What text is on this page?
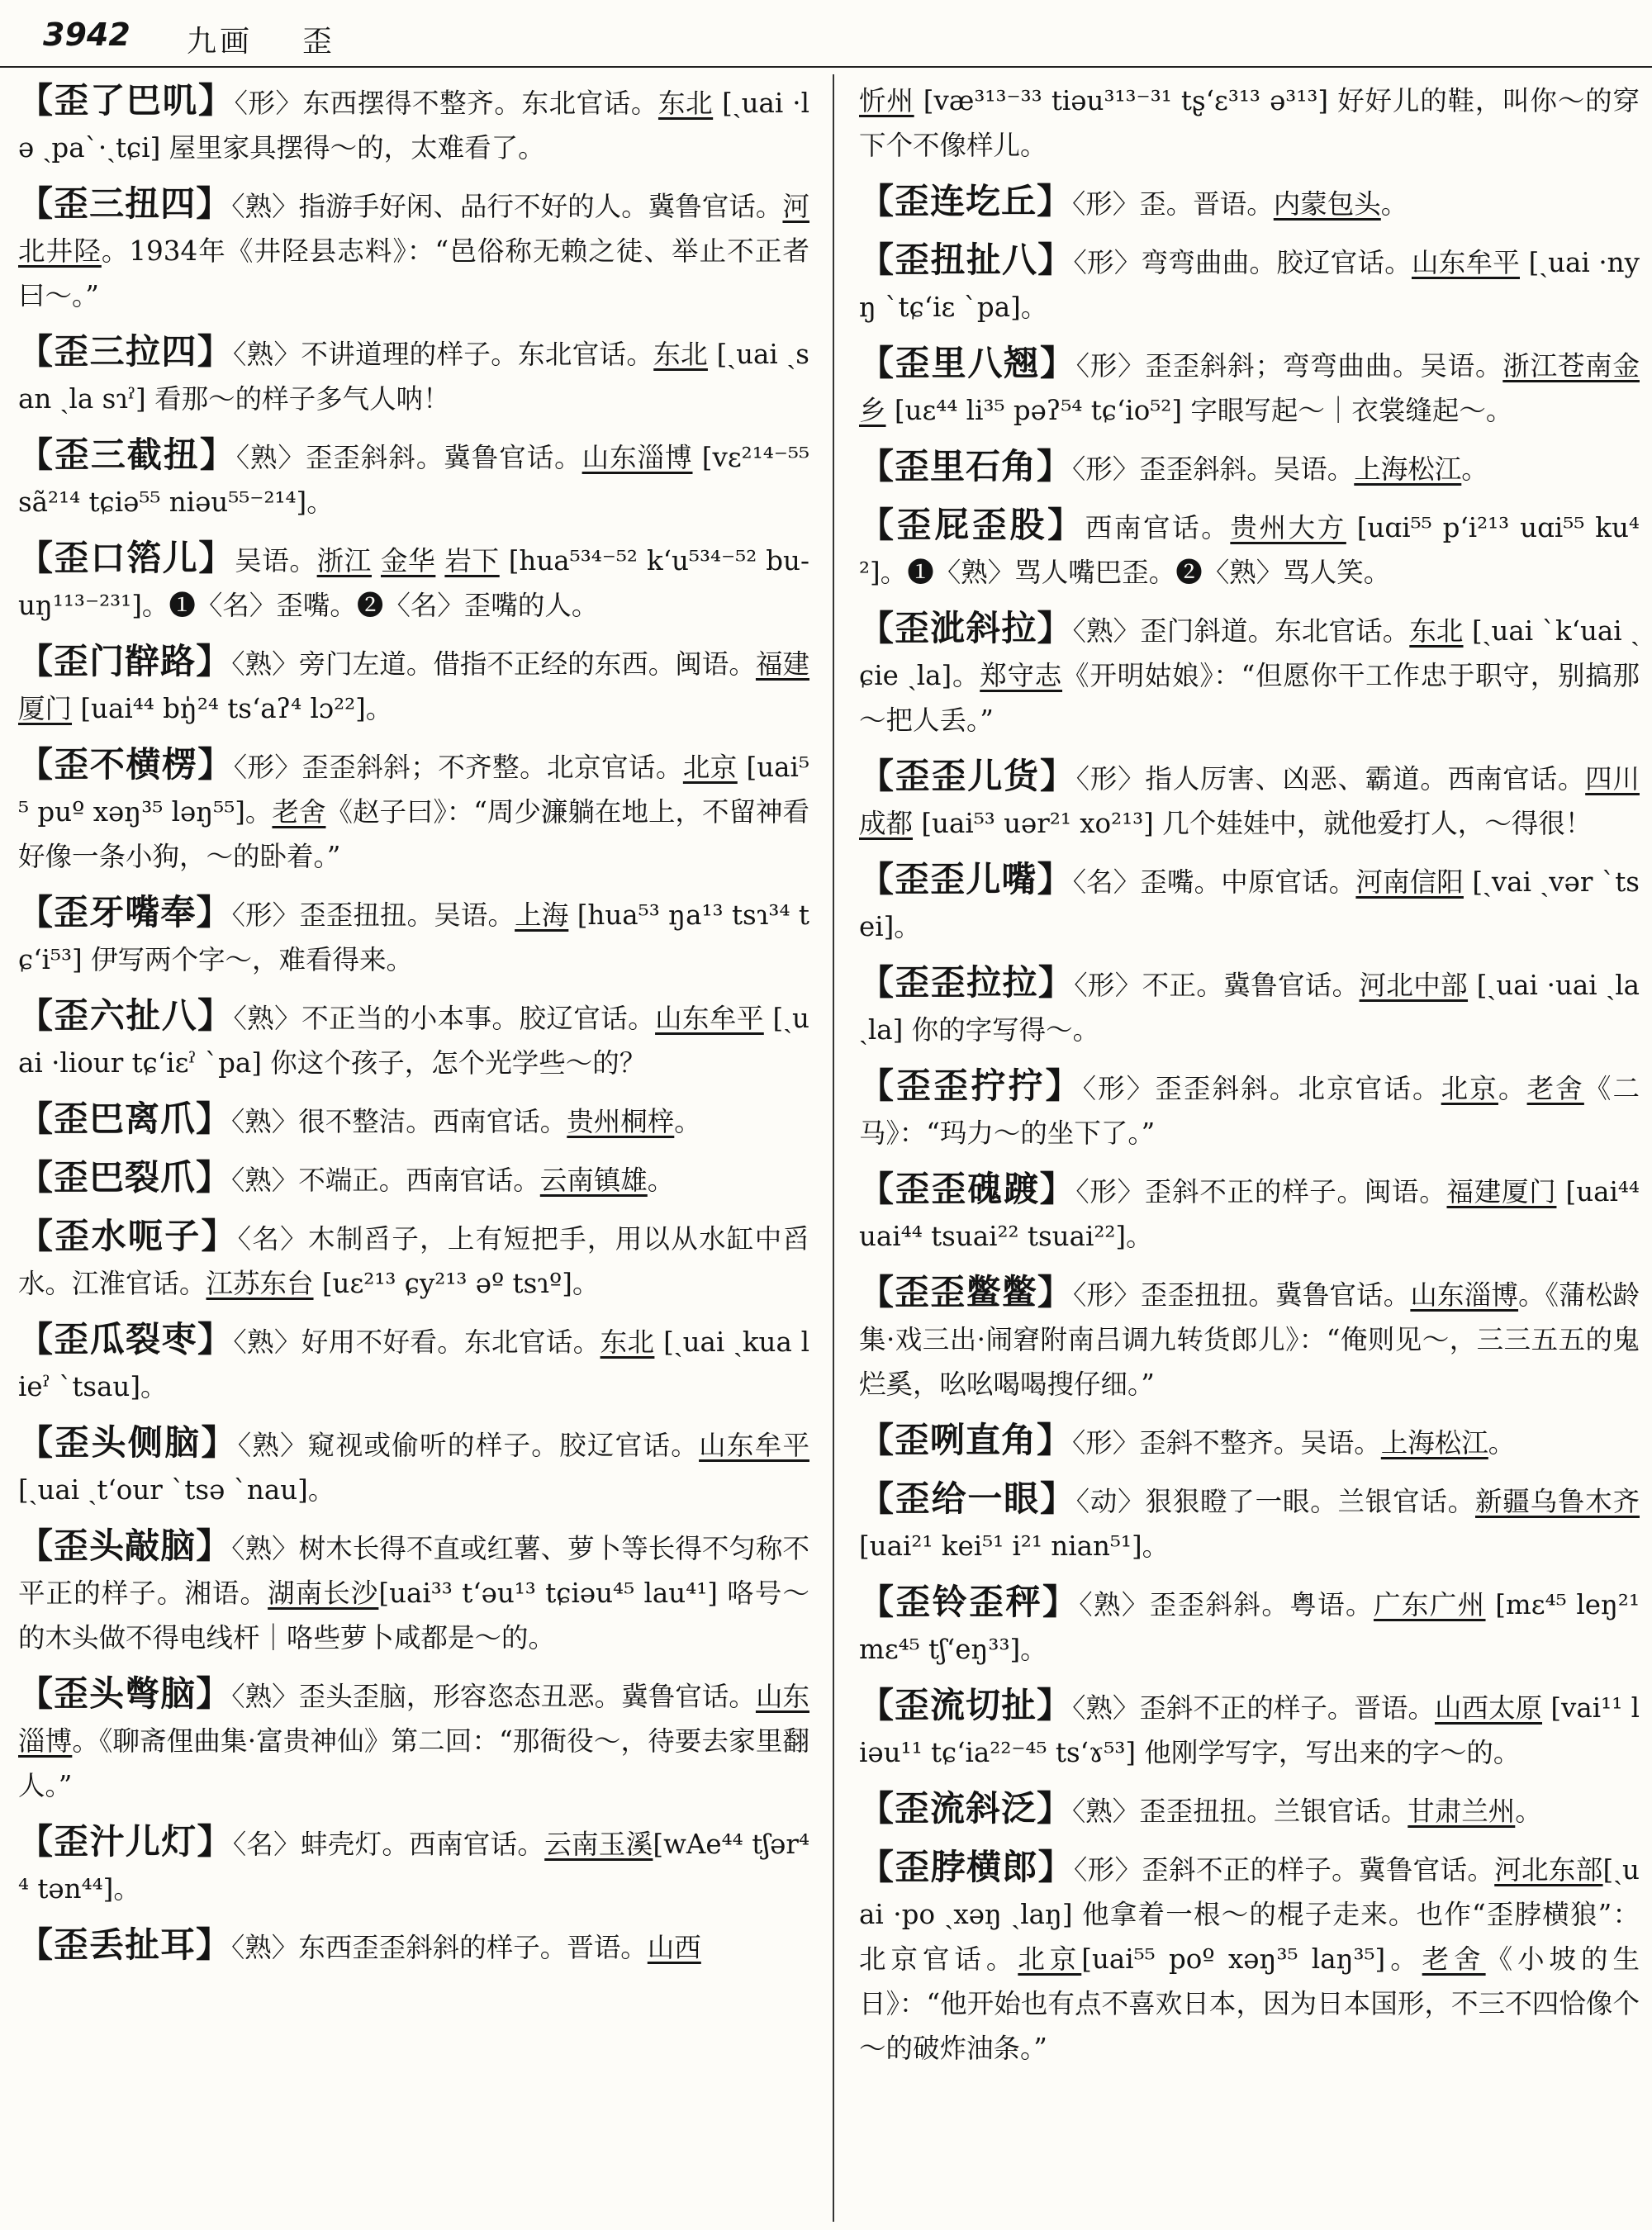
3942 九画 歪
【歪了巴叽】〈形〉东西摆得不整齐。东北官话。东北 [ˏuai ·lə ˏpaˋ·ˏtɕi] 屋里家具摆得～的，太难看了。
【歪三扭四】〈熟〉指游手好闲、品行不好的人。冀鲁官话。河北井陉。1934年《井陉县志料》：“邑俗称无赖之徒、举止不正者曰～。”
【歪三拉四】〈熟〉不讲道理的样子。东北官话。东北 [ˏuai ˏsan ˏla sɿˀ] 看那～的样子多气人呐！
【歪三截扭】〈熟〉歪歪斜斜。冀鲁官话。山东淄博 [vɛ²¹⁴⁻⁵⁵ sã²¹⁴ tɕiə⁵⁵ niəu⁵⁵⁻²¹⁴]。
【歪口箈儿】吴语。浙江 金华 岩下 [hua⁵³⁴⁻⁵² kʻu⁵³⁴⁻⁵² bu-uŋ¹¹³⁻²³¹]。❶〈名〉歪嘴。❷〈名〉歪嘴的人。
【歪门辥路】〈熟〉旁门左道。借指不正经的东西。闽语。福建厦门 [uai⁴⁴ bŋ̍²⁴ tsʻaʔ⁴ lɔ²²]。
【歪不横楞】〈形〉歪歪斜斜；不齐整。北京官话。北京 [uai⁵⁵ puº xəŋ³⁵ ləŋ⁵⁵]。老舍《赵子曰》：“周少濂躺在地上，不留神看好像一条小狗，～的卧着。”
【歪牙嘴奉】〈形〉歪歪扭扭。吴语。上海 [hua⁵³ ŋa¹³ tsɿ³⁴ tɕʻi⁵³] 伊写两个字～，难看得来。
【歪六扯八】〈熟〉不正当的小本事。胶辽官话。山东牟平 [ˏuai ·liour tɕʻiɛˀ ˋpa] 你这个孩子，怎个光学些～的？
【歪巴离爪】〈熟〉很不整洁。西南官话。贵州桐梓。
【歪巴裂爪】〈熟〉不端正。西南官话。云南镇雄。
【歪水呃子】〈名〉木制舀子，上有短把手，用以从水缸中舀水。江淮官话。江苏东台 [uɛ²¹³ ɕy²¹³ əº tsɿº]。
【歪瓜裂枣】〈熟〉好用不好看。东北官话。东北 [ˏuai ˏkua lieˀ ˋtsau]。
【歪头侧脑】〈熟〉窥视或偷听的样子。胶辽官话。山东牟平 [ˏuai ˏtʻour ˋtsə ˋnau]。
【歪头敲脑】〈熟〉树木长得不直或红薯、萝卜等长得不匀称不平正的样子。湘语。湖南长沙[uai³³ tʻəu¹³ tɕiəu⁴⁵ lau⁴¹] 咯号～的木头做不得电线杆｜咯些萝卜咸都是～的。
【歪头彆脑】〈熟〉歪头歪脑，形容恣态丑恶。冀鲁官话。山东淄博。《聊斋俚曲集·富贵神仙》第二回：“那衙役～，待要去家里翻人。”
【歪汁儿灯】〈名〉蚌壳灯。西南官话。云南玉溪[wAe⁴⁴ tʃər⁴⁴ tən⁴⁴]。
【歪丢扯耳】〈熟〉东西歪歪斜斜的样子。晋语。山西
忻州 [væ³¹³⁻³³ tiəu³¹³⁻³¹ tʂʻɛ³¹³ ə³¹³] 好好儿的鞋，叫你～的穿下个不像样儿。
【歪连圪丘】〈形〉歪。晋语。内蒙包头。
【歪扭扯八】〈形〉弯弯曲曲。胶辽官话。山东牟平 [ˏuai ·nyŋ ˋtɕʻiɛ ˋpa]。
【歪里八翘】〈形〉歪歪斜斜；弯弯曲曲。吴语。浙江苍南金乡 [uɛ⁴⁴ li³⁵ pəʔ⁵⁴ tɕʻio⁵²] 字眼写起～｜衣裳缝起～。
【歪里石角】〈形〉歪歪斜斜。吴语。上海松江。
【歪屁歪股】西南官话。贵州大方 [uɑi⁵⁵ pʻi²¹³ uɑi⁵⁵ ku⁴²]。❶〈熟〉骂人嘴巴歪。❷〈熟〉骂人笑。
【歪泚斜拉】〈熟〉歪门斜道。东北官话。东北 [ˏuai ˋkʻuai ˏɕie ˏla]。郑守志《开明姑娘》：“但愿你干工作忠于职守，别搞那～把人丢。”
【歪歪儿货】〈形〉指人厉害、凶恶、霸道。西南官话。四川成都 [uai⁵³ uər²¹ xo²¹³] 几个娃娃中，就他爱打人，～得很！
【歪歪儿嘴】〈名〉歪嘴。中原官话。河南信阳 [ˏvai ˏvər ˋtsei]。
【歪歪拉拉】〈形〉不正。冀鲁官话。河北中部 [ˏuai ·uai ˏla ˏla] 你的字写得～。
【歪歪拧拧】〈形〉歪歪斜斜。北京官话。北京。老舍《二马》：“玛力～的坐下了。”
【歪歪磈踱】〈形〉歪斜不正的样子。闽语。福建厦门 [uai⁴⁴ uai⁴⁴ tsuai²² tsuai²²]。
【歪歪鳖鳖】〈形〉歪歪扭扭。冀鲁官话。山东淄博。《蒲松龄集·戏三出·闹窘附南吕调九转货郎儿》：“俺则见～，三三五五的鬼烂奚，吆吆喝喝搜仔细。”
【歪咧直角】〈形〉歪斜不整齐。吴语。上海松江。
【歪给一眼】〈动〉狠狠瞪了一眼。兰银官话。新疆乌鲁木齐 [uai²¹ kei⁵¹ i²¹ nian⁵¹]。
【歪铃歪秤】〈熟〉歪歪斜斜。粤语。广东广州 [mɛ⁴⁵ leŋ²¹ mɛ⁴⁵ tʃʻeŋ³³]。
【歪流切扯】〈熟〉歪斜不正的样子。晋语。山西太原 [vai¹¹ liəu¹¹ tɕʻia²²⁻⁴⁵ tsʻɤ⁵³] 他刚学写字，写出来的字～的。
【歪流斜泛】〈熟〉歪歪扭扭。兰银官话。甘肃兰州。
【歪脖横郎】〈形〉歪斜不正的样子。冀鲁官话。河北东部[ˏuai ·po ˏxəŋ ˏlaŋ] 他拿着一根～的棍子走来。也作“歪脖横狼”：北京官话。北京[uai⁵⁵ poº xəŋ³⁵ laŋ³⁵]。老舍《小坡的生日》：“他开始也有点不喜欢日本，因为日本国形，不三不四恰像个～的破炸油条。”
